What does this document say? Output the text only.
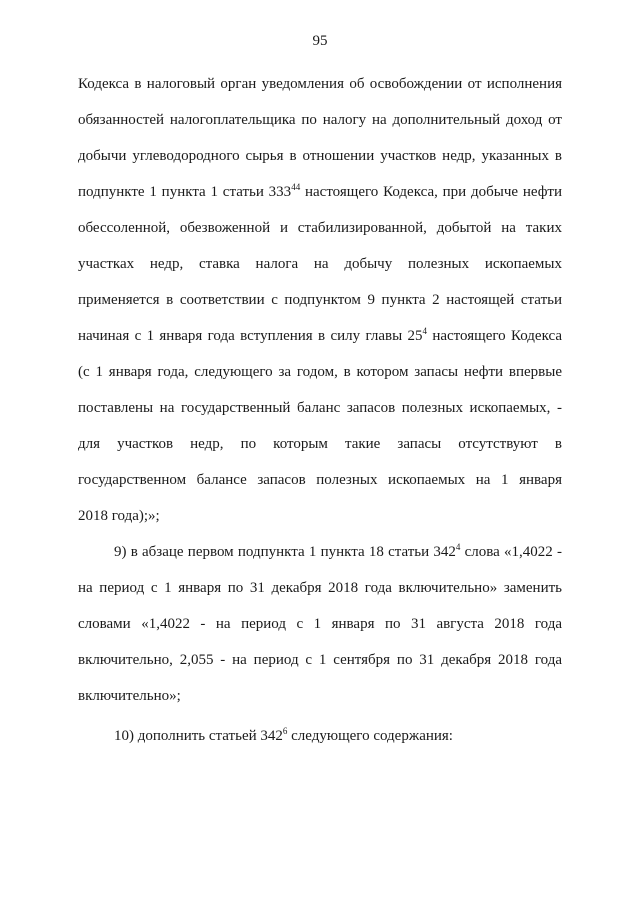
95
Кодекса в налоговый орган уведомления об освобождении от исполнения
обязанностей налогоплательщика по налогу на дополнительный доход от
добычи углеводородного сырья в отношении участков недр, указанных в
подпункте 1 пункта 1 статьи $333^{44}$ настоящего Кодекса, при добыче нефти
обессоленной, обезвоженной и стабилизированной, добытой на таких
участках недр, ставка налога на добычу полезных ископаемых
применяется в соответствии с подпунктом 9 пункта 2 настоящей статьи
начиная с 1 января года вступления в силу главы $25^4$ настоящего Кодекса
(с 1 января года, следующего за годом, в котором запасы нефти впервые
поставлены на государственный баланс запасов полезных ископаемых, -
для участков недр, по которым такие запасы отсутствуют в
государственном балансе запасов полезных ископаемых на 1 января
2018 года);»;
9) в абзаце первом подпункта 1 пункта 18 статьи $342^4$ слова «1,4022 -
на период с 1 января по 31 декабря 2018 года включительно» заменить
словами «1,4022 - на период с 1 января по 31 августа 2018 года
включительно, 2,055 - на период с 1 сентября по 31 декабря 2018 года
включительно»;
10) дополнить статьей $342^6$ следующего содержания:
